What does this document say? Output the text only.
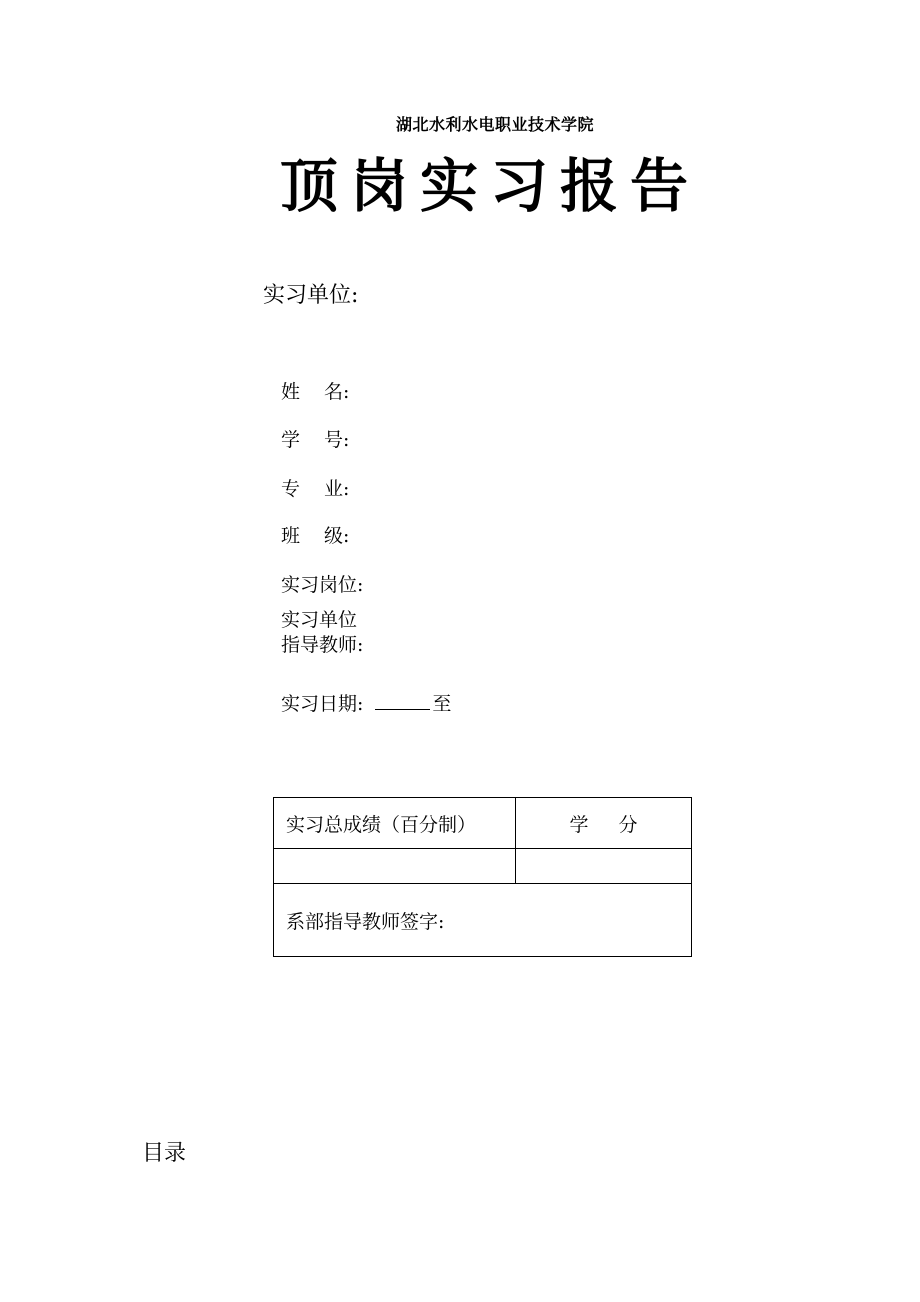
湖北水利水电职业技术学院
顶岗实习报告
实习单位:
姓 名:
学 号:
专 业:
班 级:
实习岗位:
实习单位
指导教师:
实习日期:	至
实习总成绩（百分制）	学 分

系部指导教师签字:	
目录
